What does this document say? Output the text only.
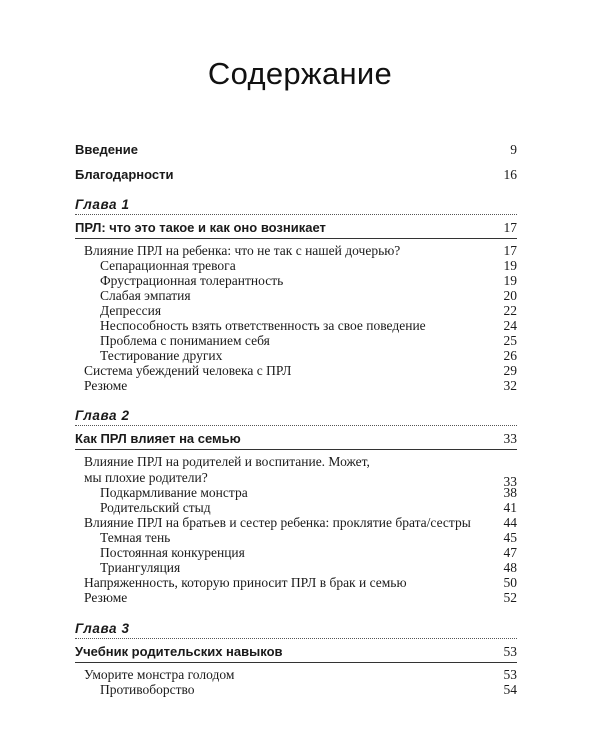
Содержание
Введение	9
Благодарности	16
Глава 1
ПРЛ: что это такое и как оно возникает	17
Влияние ПРЛ на ребенка: что не так с нашей дочерью?	17
Сепарационная тревога	19
Фрустрационная толерантность	19
Слабая эмпатия	20
Депрессия	22
Неспособность взять ответственность за свое поведение	24
Проблема с пониманием себя	25
Тестирование других	26
Система убеждений человека с ПРЛ	29
Резюме	32
Глава 2
Как ПРЛ влияет на семью	33
Влияние ПРЛ на родителей и воспитание. Может, мы плохие родители?	33
Подкармливание монстра	38
Родительский стыд	41
Влияние ПРЛ на братьев и сестер ребенка: проклятие брата/сестры 44
Темная тень	45
Постоянная конкуренция	47
Триангуляция	48
Напряженность, которую приносит ПРЛ в брак и семью	50
Резюме	52
Глава 3
Учебник родительских навыков	53
Уморите монстра голодом	53
Противоборство	54
